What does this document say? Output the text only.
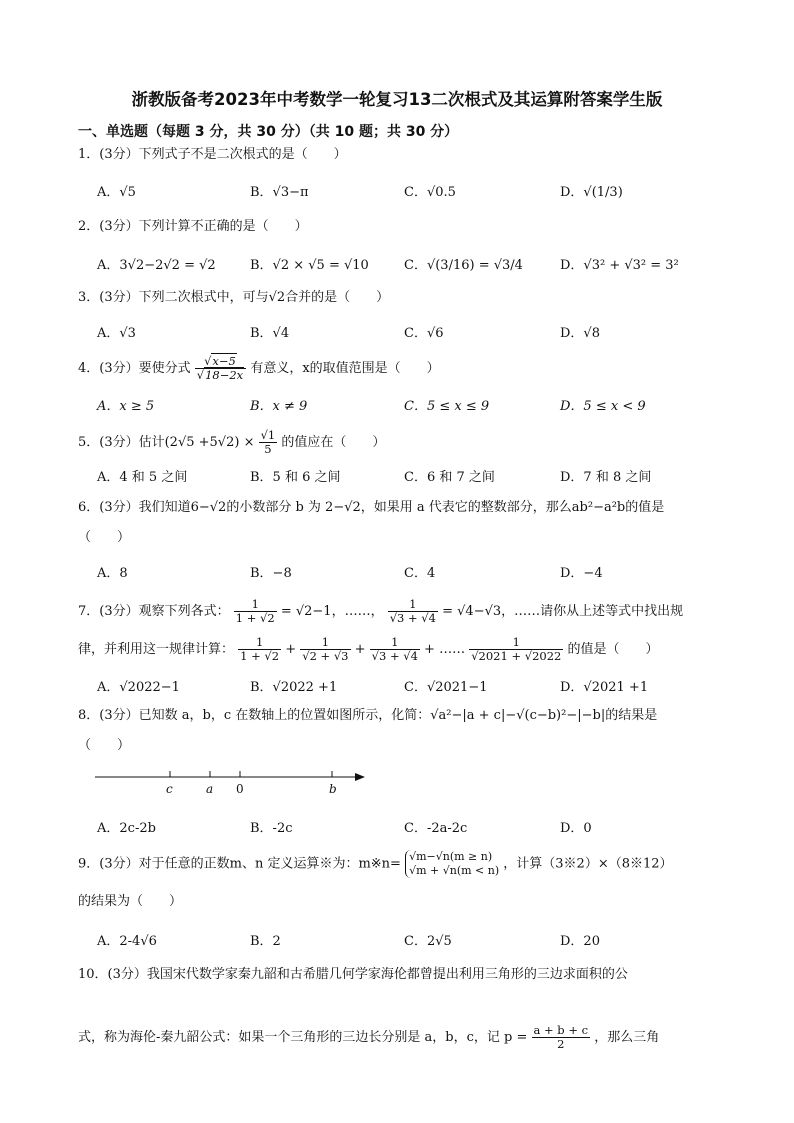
浙教版备考2023年中考数学一轮复习13二次根式及其运算附答案学生版
一、单选题（每题 3 分，共 30 分）（共 10 题；共 30 分）
1．(3分）下列式子不是二次根式的是（　　）
A．√5	B．√3−π	C．√0.5	D．√(1/3)
2．(3分）下列计算不正确的是（　　）
A．3√2−2√2 = √2	B．√2 × √5 = √10	C．√(3/16) = √3/4	D．√3² + √3² = 3²
3．(3分）下列二次根式中，可与√2合并的是（　　）
A．√3	B．√4	C．√6	D．√8
4．(3分）要使分式 $\frac{√x-5}{√18-2x}$ 有意义，x的取值范围是（　　）
A．x ≥ 5	B．x ≠ 9	C．5 ≤ x ≤ 9	D．5 ≤ x < 9
5．(3分）估计$(2√5 +5√2) \times \frac{√1}{5}$ 的值应在（　　）
A．4 和 5 之间	B．5 和 6 之间	C．6 和 7 之间	D．7 和 8 之间
6．(3分）我们知道6−√2的小数部分 b 为 2−√2，如果用 a 代表它的整数部分，那么ab²−a²b的值是
（　　）
A．8	B．−8	C．4	D．−4
7．(3分）观察下列各式： $\frac{1}{1 + √2} = √2-1$，……， $\frac{1}{√3 + √4} = √4-√3$，……请你从上述等式中找出规
律，并利用这一规律计算： $\frac{1}{1 + √2} + \frac{1}{√2 + √3} + \frac{1}{√3 + √4}$ + …… $\frac{1}{√2021 + √2022}$ 的值是（　　）
A．√2022−1	B．√2022 +1	C．√2021−1	D．√2021 +1
8．(3分）已知数 a，b，c 在数轴上的位置如图所示，化简：√a²−|a + c|−√(c−b)²−|−b|的结果是
（　　）
c	a 0	b
A．2c-2b	B．-2c	C．-2a-2c	D．0
9．(3分）对于任意的正数m、n 定义运算※为：m※n= √m−√n(m ≥ n)
√m + √n(m < n) ，计算（3※2）×（8※12）
的结果为（　　）
A．2-4√6	B．2	C．2√5	D．20
10．(3分）我国宋代数学家秦九韶和古希腊几何学家海伦都曾提出利用三角形的三边求面积的公
式，称为海伦-秦九韶公式：如果一个三角形的三边长分别是 a，b，c，记 $p = \frac{a + b + c}{2}$ ，那么三角
